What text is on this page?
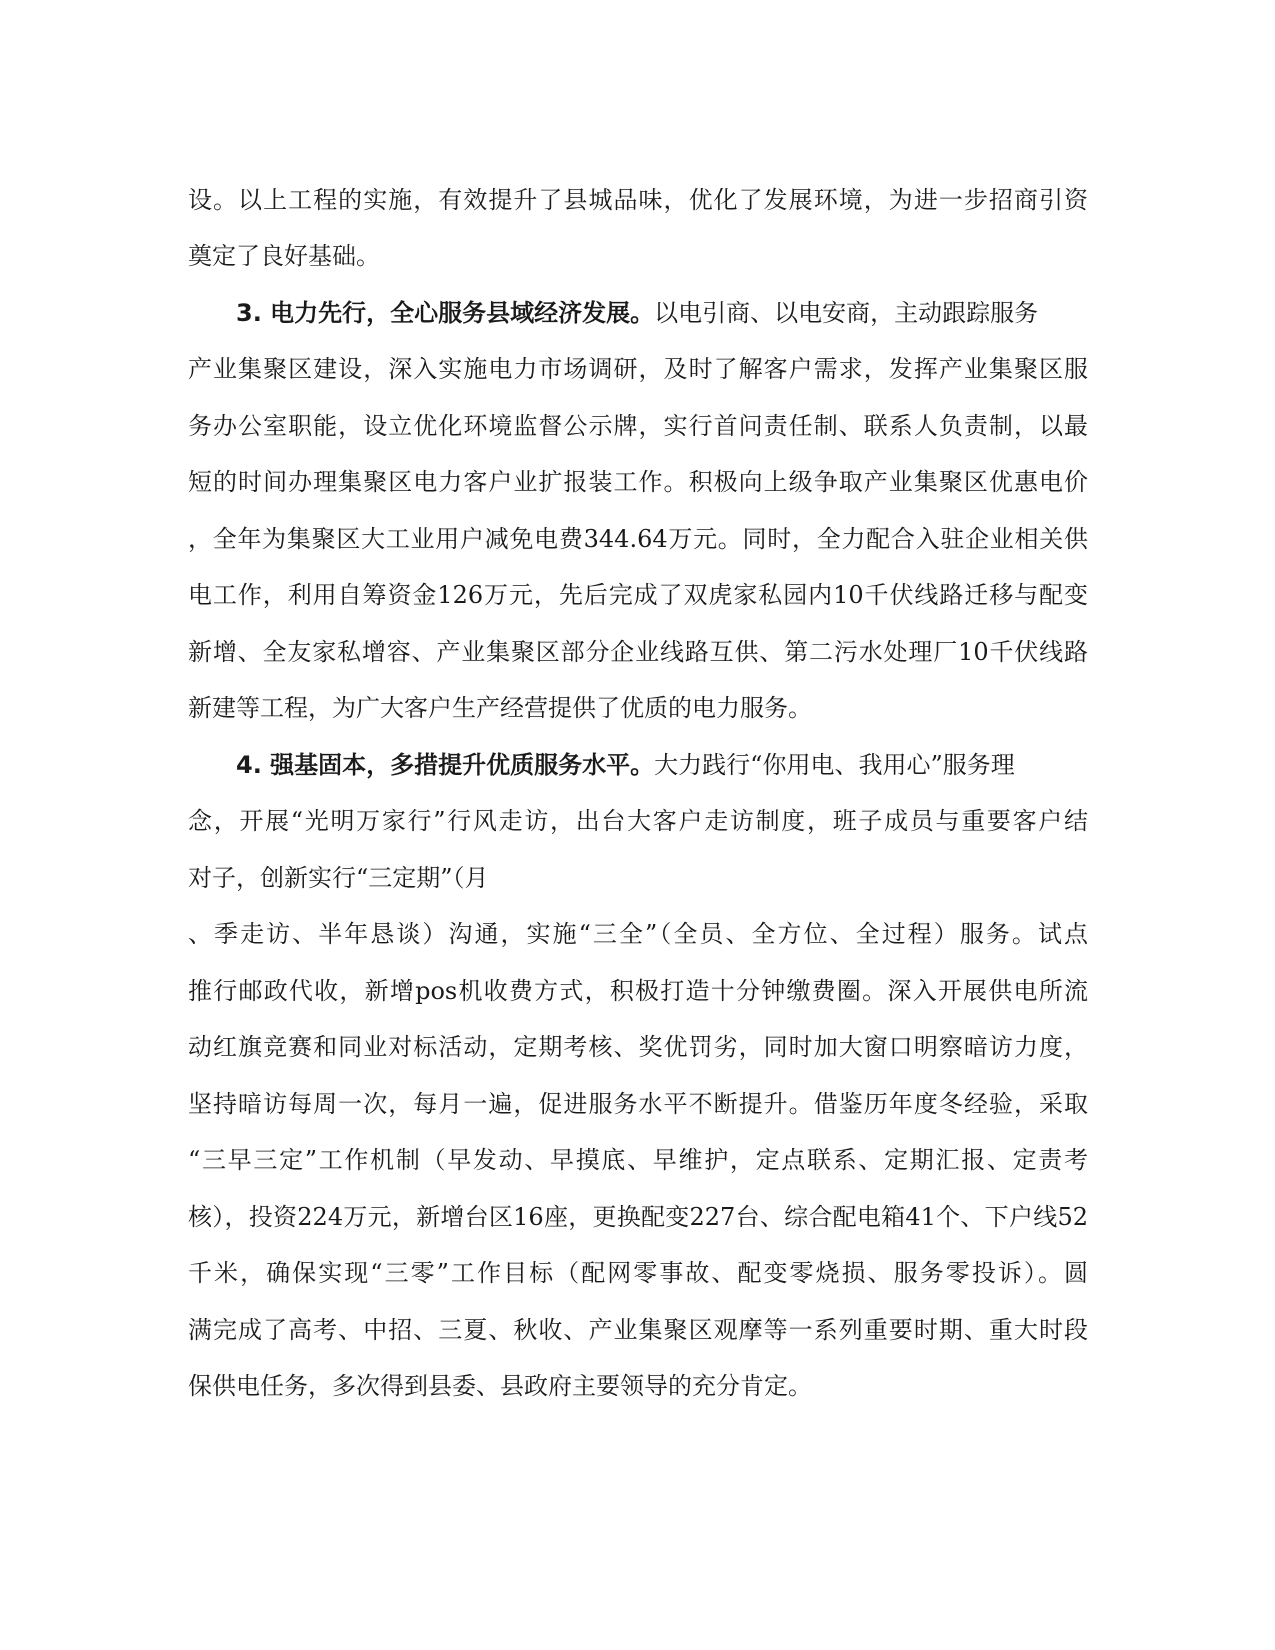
设。以上工程的实施，有效提升了县城品味，优化了发展环境，为进一步招商引资
奠定了良好基础。
3. 电力先行，全心服务县域经济发展。以电引商、以电安商，主动跟踪服务
产业集聚区建设，深入实施电力市场调研，及时了解客户需求，发挥产业集聚区服
务办公室职能，设立优化环境监督公示牌，实行首问责任制、联系人负责制，以最
短的时间办理集聚区电力客户业扩报装工作。积极向上级争取产业集聚区优惠电价
，全年为集聚区大工业用户减免电费344.64万元。同时，全力配合入驻企业相关供
电工作，利用自筹资金126万元，先后完成了双虎家私园内10千伏线路迁移与配变
新增、全友家私增容、产业集聚区部分企业线路互供、第二污水处理厂10千伏线路
新建等工程，为广大客户生产经营提供了优质的电力服务。
4. 强基固本，多措提升优质服务水平。大力践行“你用电、我用心”服务理
念，开展“光明万家行”行风走访，出台大客户走访制度，班子成员与重要客户结
对子，创新实行“三定期”（月
、季走访、半年恳谈）沟通，实施“三全”（全员、全方位、全过程）服务。试点
推行邮政代收，新增pos机收费方式，积极打造十分钟缴费圈。深入开展供电所流
动红旗竞赛和同业对标活动，定期考核、奖优罚劣，同时加大窗口明察暗访力度，
坚持暗访每周一次，每月一遍，促进服务水平不断提升。借鉴历年度冬经验，采取
“三早三定”工作机制（早发动、早摸底、早维护，定点联系、定期汇报、定责考
核），投资224万元，新增台区16座，更换配变227台、综合配电箱41个、下户线52
千米，确保实现“三零”工作目标（配网零事故、配变零烧损、服务零投诉）。圆
满完成了高考、中招、三夏、秋收、产业集聚区观摩等一系列重要时期、重大时段
保供电任务，多次得到县委、县政府主要领导的充分肯定。
